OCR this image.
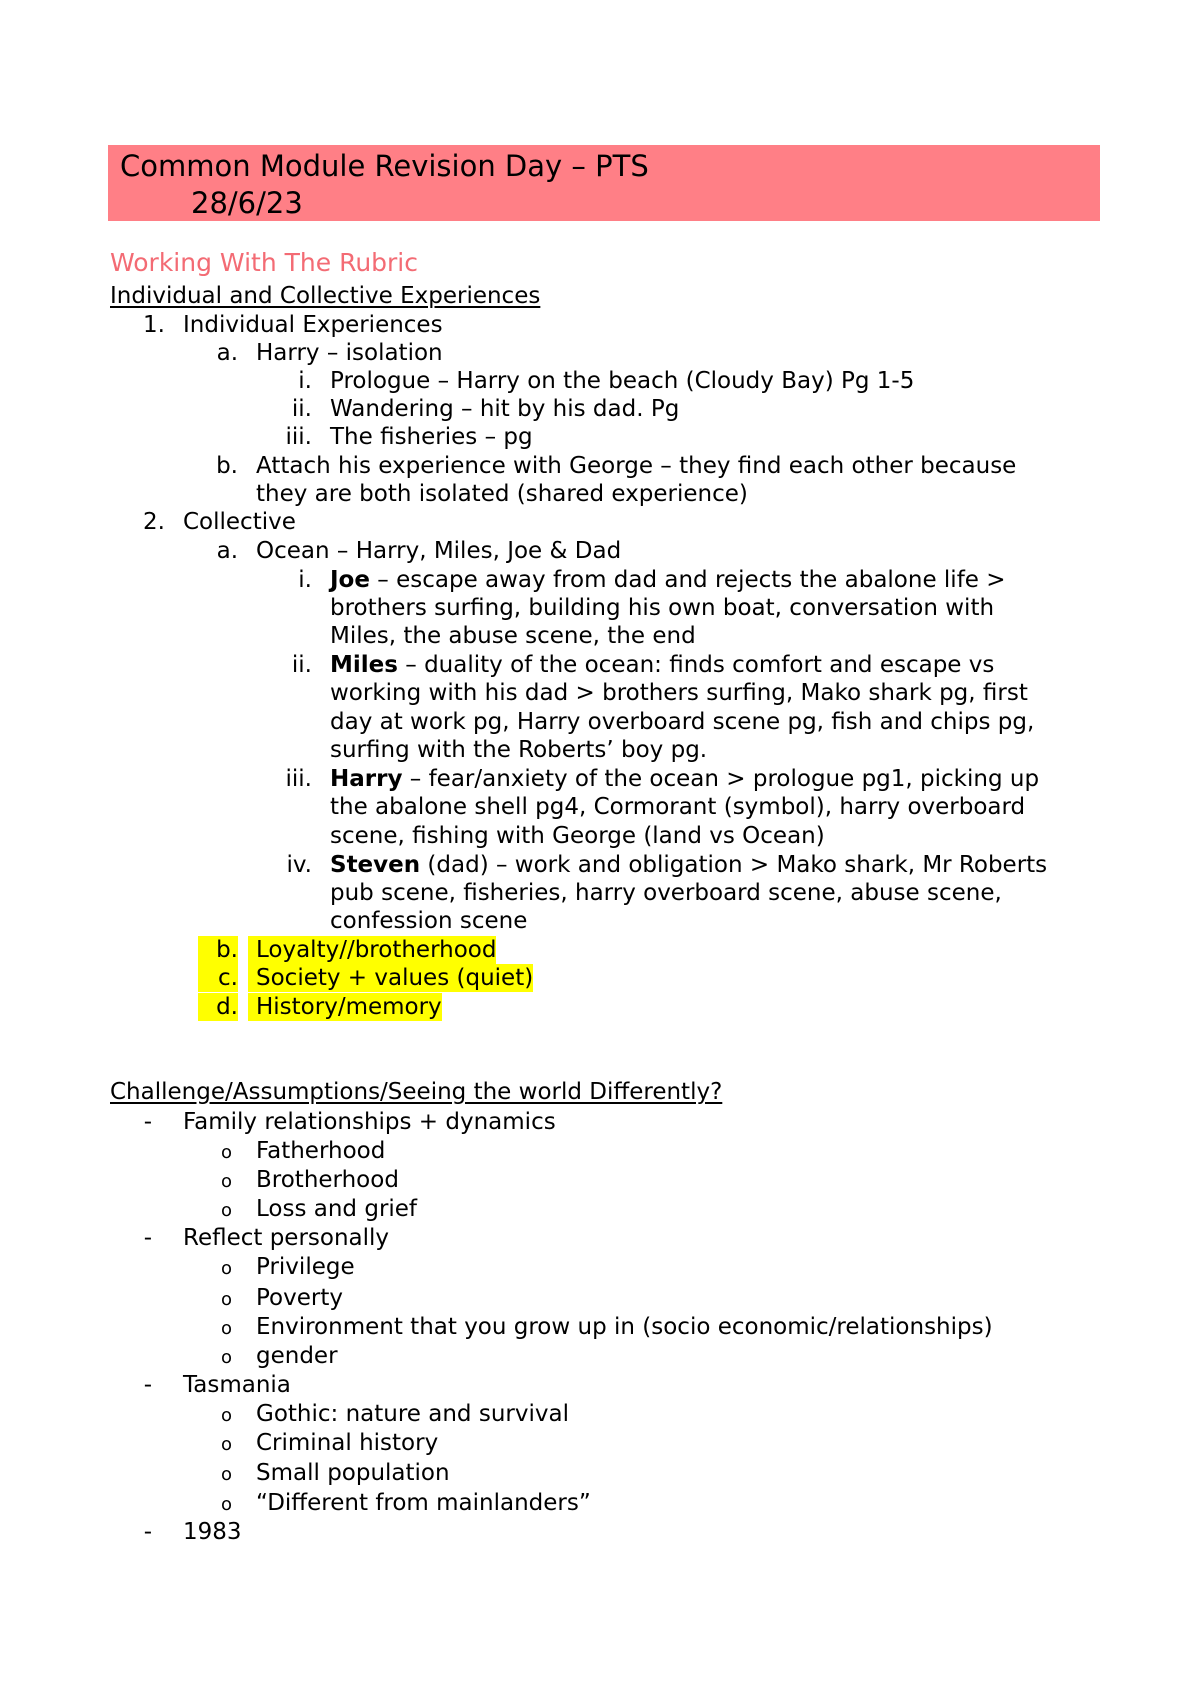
Common Module Revision Day – PTS
28/6/23
Working With The Rubric
Individual and Collective Experiences
1. Individual Experiences
a. Harry – isolation
i. Prologue – Harry on the beach (Cloudy Bay) Pg 1-5
ii. Wandering – hit by his dad. Pg
iii. The fisheries – pg
b. Attach his experience with George – they find each other because
they are both isolated (shared experience)
2. Collective
a. Ocean – Harry, Miles, Joe & Dad
i. Joe – escape away from dad and rejects the abalone life >
brothers surfing, building his own boat, conversation with
Miles, the abuse scene, the end
ii. Miles – duality of the ocean: finds comfort and escape vs
working with his dad > brothers surfing, Mako shark pg, first
day at work pg, Harry overboard scene pg, fish and chips pg,
surfing with the Roberts’ boy pg.
iii. Harry – fear/anxiety of the ocean > prologue pg1, picking up
the abalone shell pg4, Cormorant (symbol), harry overboard
scene, fishing with George (land vs Ocean)
iv. Steven (dad) – work and obligation > Mako shark, Mr Roberts
pub scene, fisheries, harry overboard scene, abuse scene,
confession scene
b. Loyalty//brotherhood
c. Society + values (quiet)
d. History/memory
Challenge/Assumptions/Seeing the world Differently?
- Family relationships + dynamics
o Fatherhood
o Brotherhood
o Loss and grief
- Reflect personally
o Privilege
o Poverty
o Environment that you grow up in (socio economic/relationships)
o gender
- Tasmania
o Gothic: nature and survival
o Criminal history
o Small population
o “Different from mainlanders”
- 1983
